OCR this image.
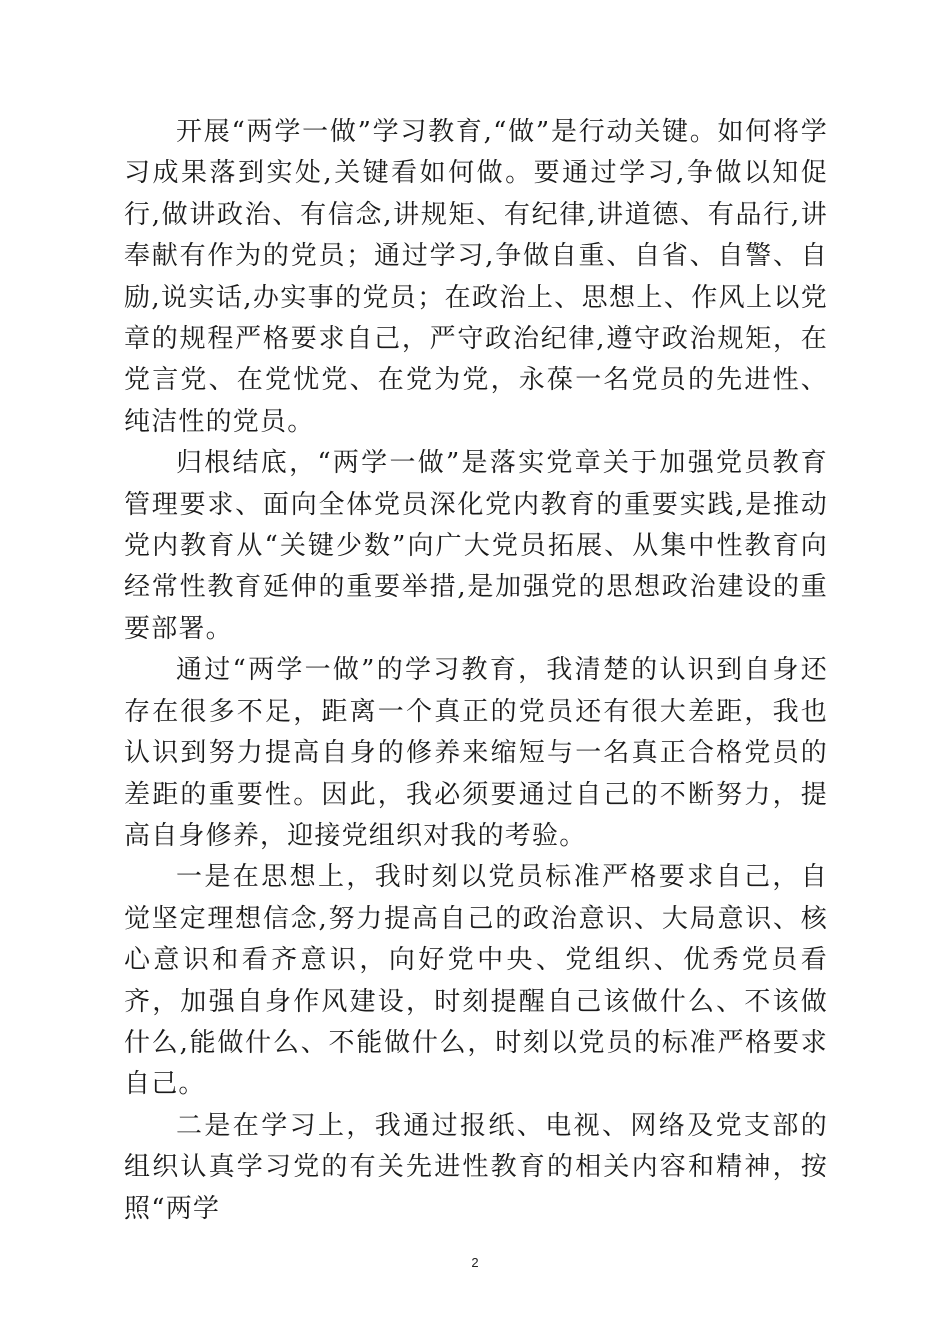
开展“两学一做”学习教育,“做”是行动关键。如何将学习成果落到实处,关键看如何做。要通过学习,争做以知促行,做讲政治、有信念,讲规矩、有纪律,讲道德、有品行,讲奉献有作为的党员；通过学习,争做自重、自省、自警、自励,说实话,办实事的党员；在政治上、思想上、作风上以党章的规程严格要求自己，严守政治纪律,遵守政治规矩，在党言党、在党忧党、在党为党，永葆一名党员的先进性、纯洁性的党员。

归根结底，“两学一做”是落实党章关于加强党员教育管理要求、面向全体党员深化党内教育的重要实践,是推动党内教育从“关键少数”向广大党员拓展、从集中性教育向经常性教育延伸的重要举措,是加强党的思想政治建设的重要部署。

通过“两学一做”的学习教育，我清楚的认识到自身还存在很多不足，距离一个真正的党员还有很大差距，我也认识到努力提高自身的修养来缩短与一名真正合格党员的差距的重要性。因此，我必须要通过自己的不断努力，提高自身修养，迎接党组织对我的考验。

一是在思想上，我时刻以党员标准严格要求自己，自觉坚定理想信念,努力提高自己的政治意识、大局意识、核心意识和看齐意识，向好党中央、党组织、优秀党员看齐，加强自身作风建设，时刻提醒自己该做什么、不该做什么,能做什么、不能做什么，时刻以党员的标准严格要求自己。

二是在学习上，我通过报纸、电视、网络及党支部的组织认真学习党的有关先进性教育的相关内容和精神，按照“两学

2
